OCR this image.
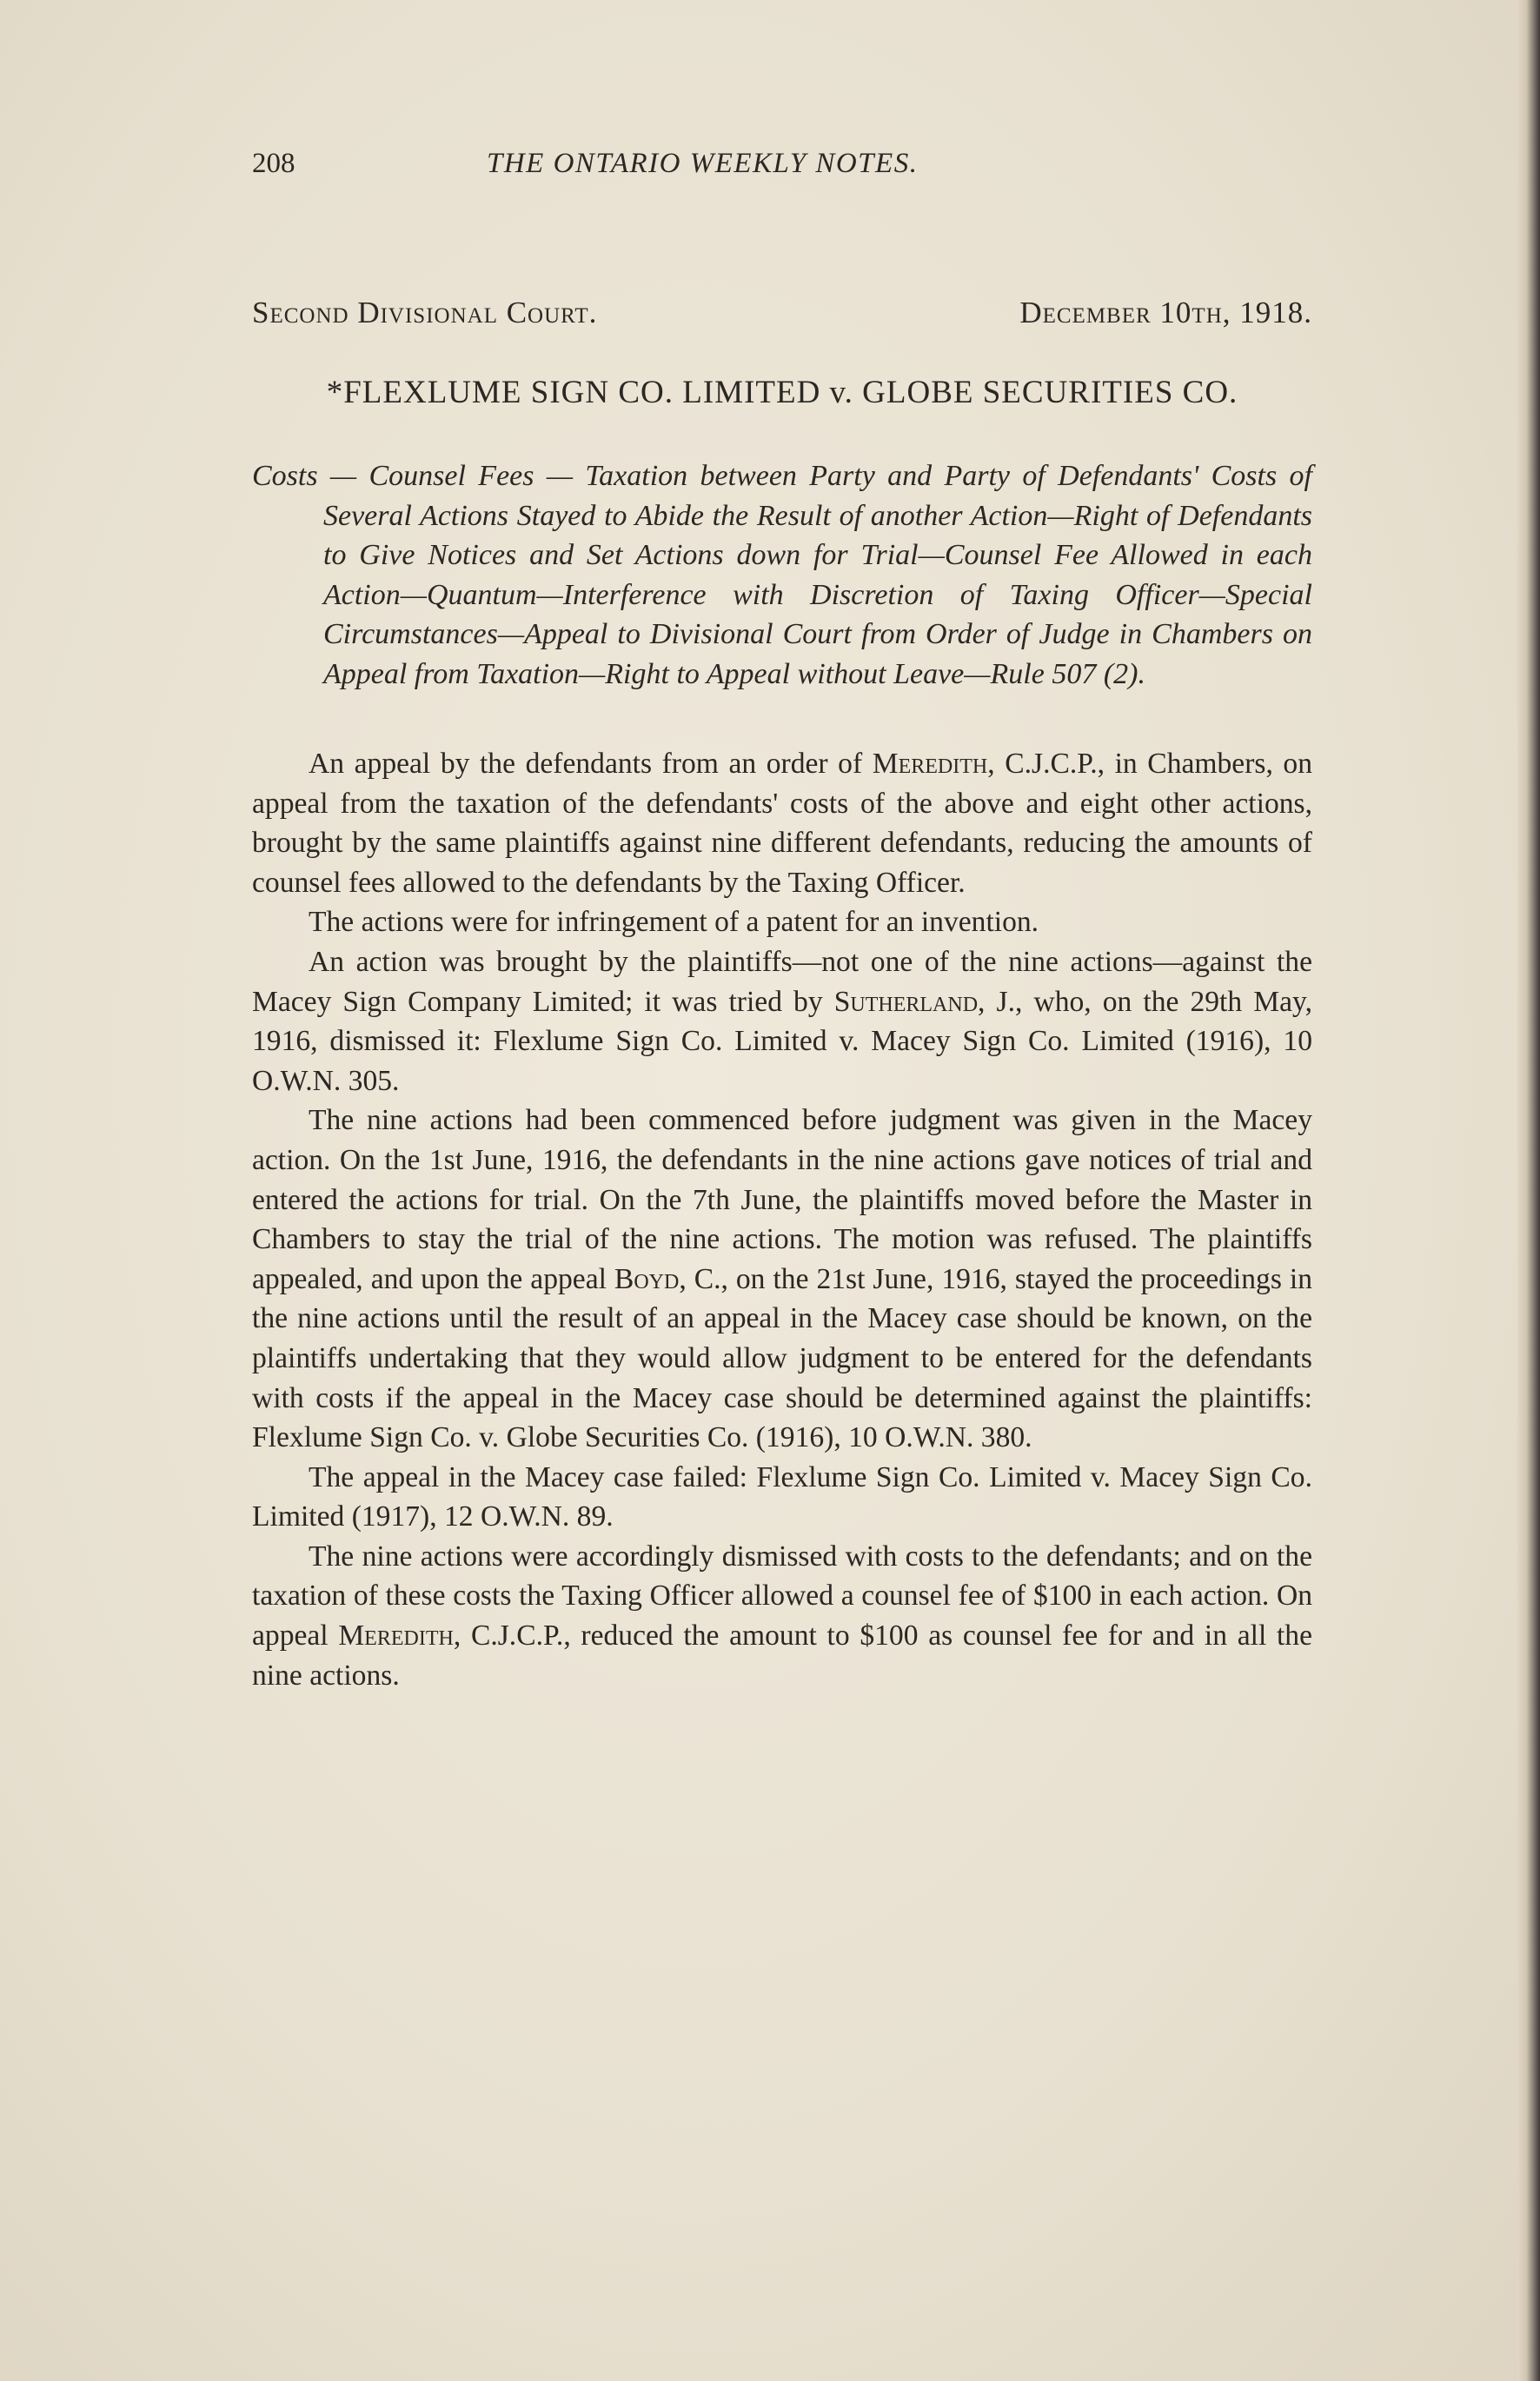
208	THE ONTARIO WEEKLY NOTES.
Second Divisional Court.	December 10th, 1918.
*FLEXLUME SIGN CO. LIMITED v. GLOBE SECURITIES CO.

Costs — Counsel Fees — Taxation between Party and Party of Defendants' Costs of Several Actions Stayed to Abide the Result of another Action—Right of Defendants to Give Notices and Set Actions down for Trial—Counsel Fee Allowed in each Action—Quantum—Interference with Discretion of Taxing Officer—Special Circumstances—Appeal to Divisional Court from Order of Judge in Chambers on Appeal from Taxation—Right to Appeal without Leave—Rule 507 (2).

An appeal by the defendants from an order of Meredith, C.J.C.P., in Chambers, on appeal from the taxation of the defendants' costs of the above and eight other actions, brought by the same plaintiffs against nine different defendants, reducing the amounts of counsel fees allowed to the defendants by the Taxing Officer.

The actions were for infringement of a patent for an invention.

An action was brought by the plaintiffs—not one of the nine actions—against the Macey Sign Company Limited; it was tried by Sutherland, J., who, on the 29th May, 1916, dismissed it: Flexlume Sign Co. Limited v. Macey Sign Co. Limited (1916), 10 O.W.N. 305.

The nine actions had been commenced before judgment was given in the Macey action. On the 1st June, 1916, the defendants in the nine actions gave notices of trial and entered the actions for trial. On the 7th June, the plaintiffs moved before the Master in Chambers to stay the trial of the nine actions. The motion was refused. The plaintiffs appealed, and upon the appeal Boyd, C., on the 21st June, 1916, stayed the proceedings in the nine actions until the result of an appeal in the Macey case should be known, on the plaintiffs undertaking that they would allow judgment to be entered for the defendants with costs if the appeal in the Macey case should be determined against the plaintiffs: Flexlume Sign Co. v. Globe Securities Co. (1916), 10 O.W.N. 380.

The appeal in the Macey case failed: Flexlume Sign Co. Limited v. Macey Sign Co. Limited (1917), 12 O.W.N. 89.

The nine actions were accordingly dismissed with costs to the defendants; and on the taxation of these costs the Taxing Officer allowed a counsel fee of $100 in each action. On appeal Meredith, C.J.C.P., reduced the amount to $100 as counsel fee for and in all the nine actions.
